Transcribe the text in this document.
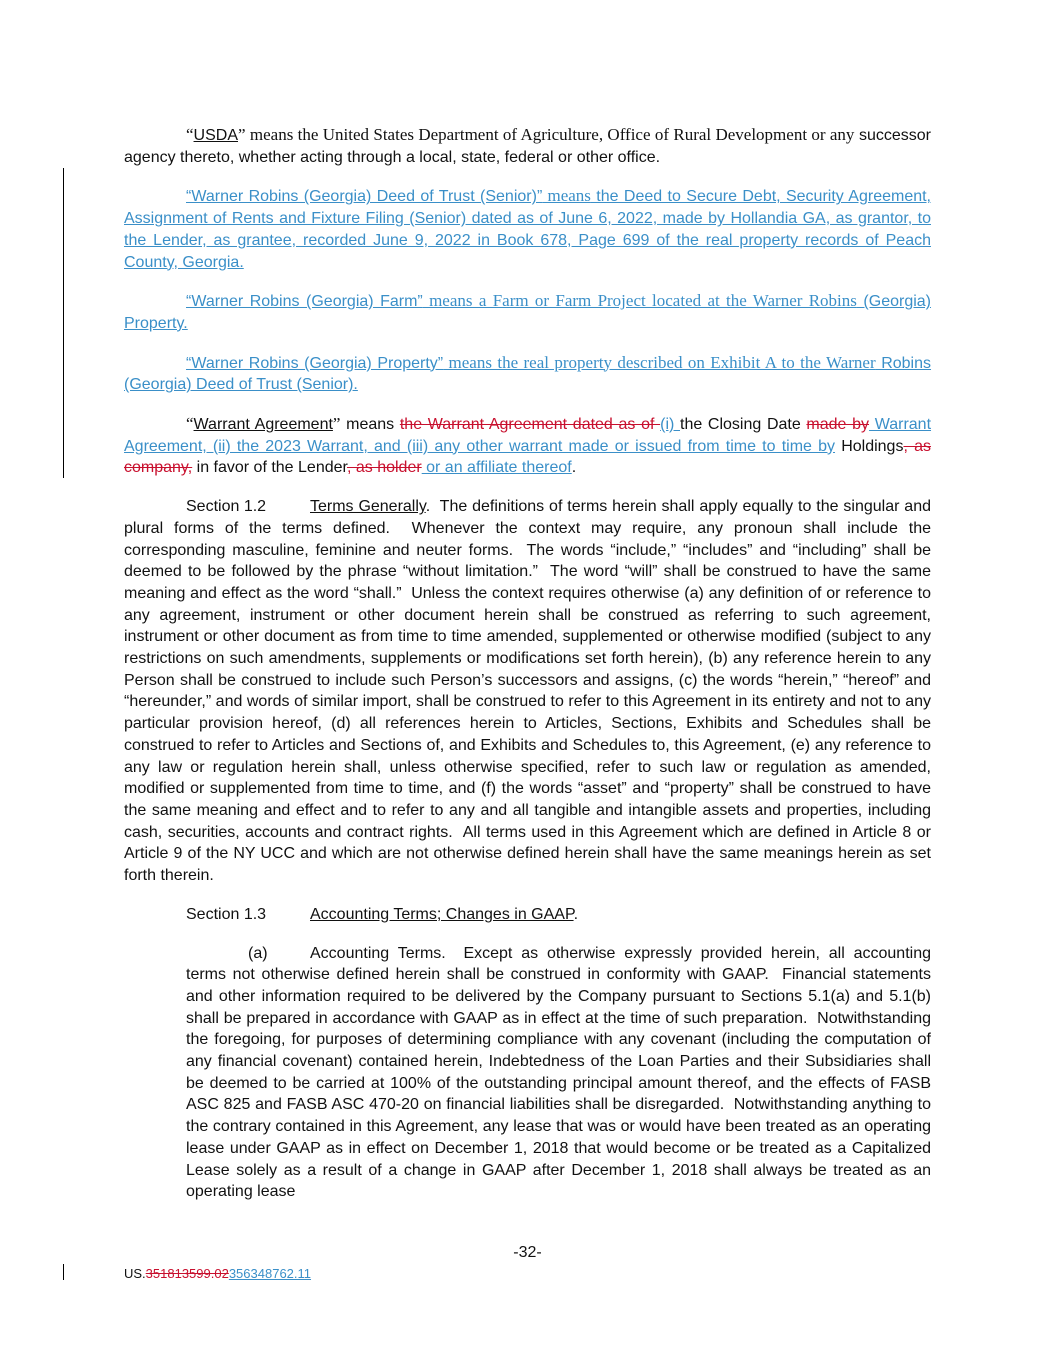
“USDA” means the United States Department of Agriculture, Office of Rural Development or any successor agency thereto, whether acting through a local, state, federal or other office.

“Warner Robins (Georgia) Deed of Trust (Senior)” means the Deed to Secure Debt, Security Agreement, Assignment of Rents and Fixture Filing (Senior) dated as of June 6, 2022, made by Hollandia GA, as grantor, to the Lender, as grantee, recorded June 9, 2022 in Book 678, Page 699 of the real property records of Peach County, Georgia.

“Warner Robins (Georgia) Farm” means a Farm or Farm Project located at the Warner Robins (Georgia) Property.

“Warner Robins (Georgia) Property” means the real property described on Exhibit A to the Warner Robins (Georgia) Deed of Trust (Senior).

“Warrant Agreement” means the Warrant Agreement dated as of (i) the Closing Date made by Warrant Agreement, (ii) the 2023 Warrant, and (iii) any other warrant made or issued from time to time by Holdings, as company, in favor of the Lender, as holder or an affiliate thereof.

Section 1.2	Terms Generally.  The definitions of terms herein shall apply equally to the singular and plural forms of the terms defined.  Whenever the context may require, any pronoun shall include the corresponding masculine, feminine and neuter forms.  The words “include,” “includes” and “including” shall be deemed to be followed by the phrase “without limitation.”  The word “will” shall be construed to have the same meaning and effect as the word “shall.”  Unless the context requires otherwise (a) any definition of or reference to any agreement, instrument or other document herein shall be construed as referring to such agreement, instrument or other document as from time to time amended, supplemented or otherwise modified (subject to any restrictions on such amendments, supplements or modifications set forth herein), (b) any reference herein to any Person shall be construed to include such Person’s successors and assigns, (c) the words “herein,” “hereof” and “hereunder,” and words of similar import, shall be construed to refer to this Agreement in its entirety and not to any particular provision hereof, (d) all references herein to Articles, Sections, Exhibits and Schedules shall be construed to refer to Articles and Sections of, and Exhibits and Schedules to, this Agreement, (e) any reference to any law or regulation herein shall, unless otherwise specified, refer to such law or regulation as amended, modified or supplemented from time to time, and (f) the words “asset” and “property” shall be construed to have the same meaning and effect and to refer to any and all tangible and intangible assets and properties, including cash, securities, accounts and contract rights.  All terms used in this Agreement which are defined in Article 8 or Article 9 of the NY UCC and which are not otherwise defined herein shall have the same meanings herein as set forth therein.

Section 1.3	Accounting Terms; Changes in GAAP.

(a)	Accounting Terms.  Except as otherwise expressly provided herein, all accounting terms not otherwise defined herein shall be construed in conformity with GAAP.  Financial statements and other information required to be delivered by the Company pursuant to Sections 5.1(a) and 5.1(b) shall be prepared in accordance with GAAP as in effect at the time of such preparation.  Notwithstanding the foregoing, for purposes of determining compliance with any covenant (including the computation of any financial covenant) contained herein, Indebtedness of the Loan Parties and their Subsidiaries shall be deemed to be carried at 100% of the outstanding principal amount thereof, and the effects of FASB ASC 825 and FASB ASC 470-20 on financial liabilities shall be disregarded.  Notwithstanding anything to the contrary contained in this Agreement, any lease that was or would have been treated as an operating lease under GAAP as in effect on December 1, 2018 that would become or be treated as a Capitalized Lease solely as a result of a change in GAAP after December 1, 2018 shall always be treated as an operating lease

-32-
US.351813599.02356348762.11
